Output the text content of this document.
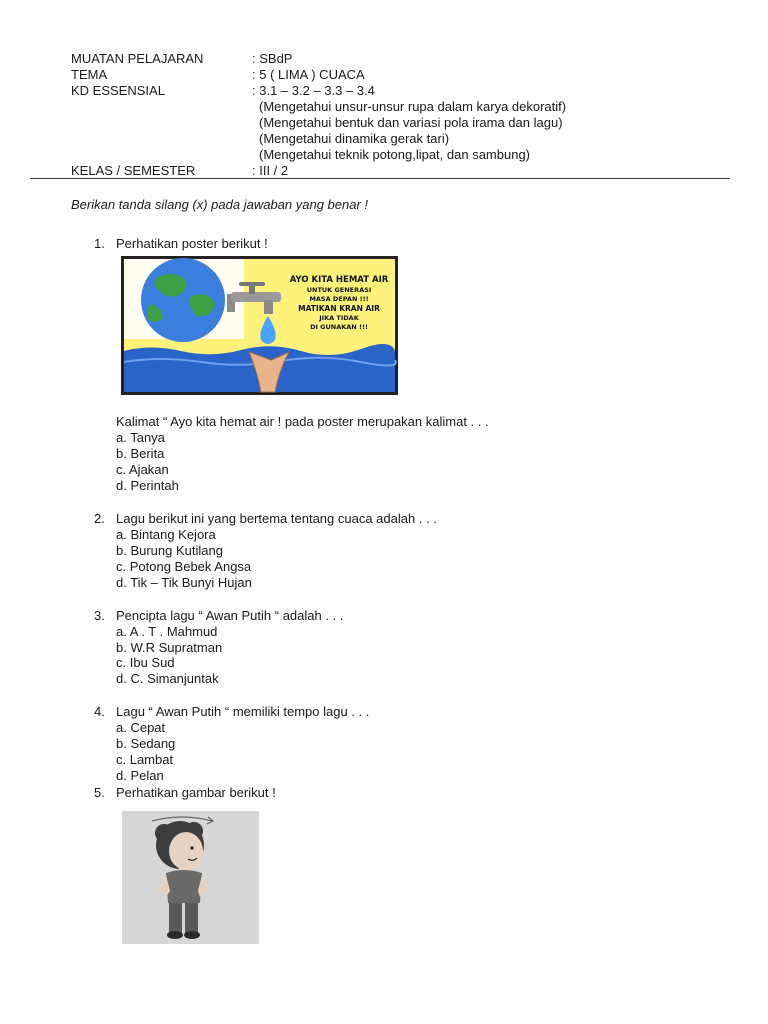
MUATAN PELAJARAN	: SBdP
TEMA	: 5 ( LIMA ) CUACA
KD ESSENSIAL	: 3.1 – 3.2 – 3.3 – 3.4
(Mengetahui unsur-unsur rupa dalam karya dekoratif)
(Mengetahui bentuk dan variasi pola irama dan lagu)
(Mengetahui dinamika gerak tari)
(Mengetahui teknik potong,lipat, dan sambung)
KELAS / SEMESTER	: III / 2
Berikan tanda silang (x) pada jawaban yang benar !
1. Perhatikan poster berikut !
AYO KITA HEMAT AIR
UNTUK GENERASI
MASA DEPAN !!!
MATIKAN KRAN AIR
JIKA TIDAK
DI GUNAKAN !!!
Kalimat “ Ayo kita hemat air ! pada poster merupakan kalimat . . .
a. Tanya
b. Berita
c. Ajakan
d. Perintah
2. Lagu berikut ini yang bertema tentang cuaca adalah . . .
a. Bintang Kejora
b. Burung Kutilang
c. Potong Bebek Angsa
d. Tik – Tik Bunyi Hujan
3. Pencipta lagu “ Awan Putih “ adalah . . .
a. A . T . Mahmud
b. W.R Supratman
c. Ibu Sud
d. C. Simanjuntak
4. Lagu “ Awan Putih “ memiliki tempo lagu . . .
a. Cepat
b. Sedang
c. Lambat
d. Pelan
5. Perhatikan gambar berikut !
